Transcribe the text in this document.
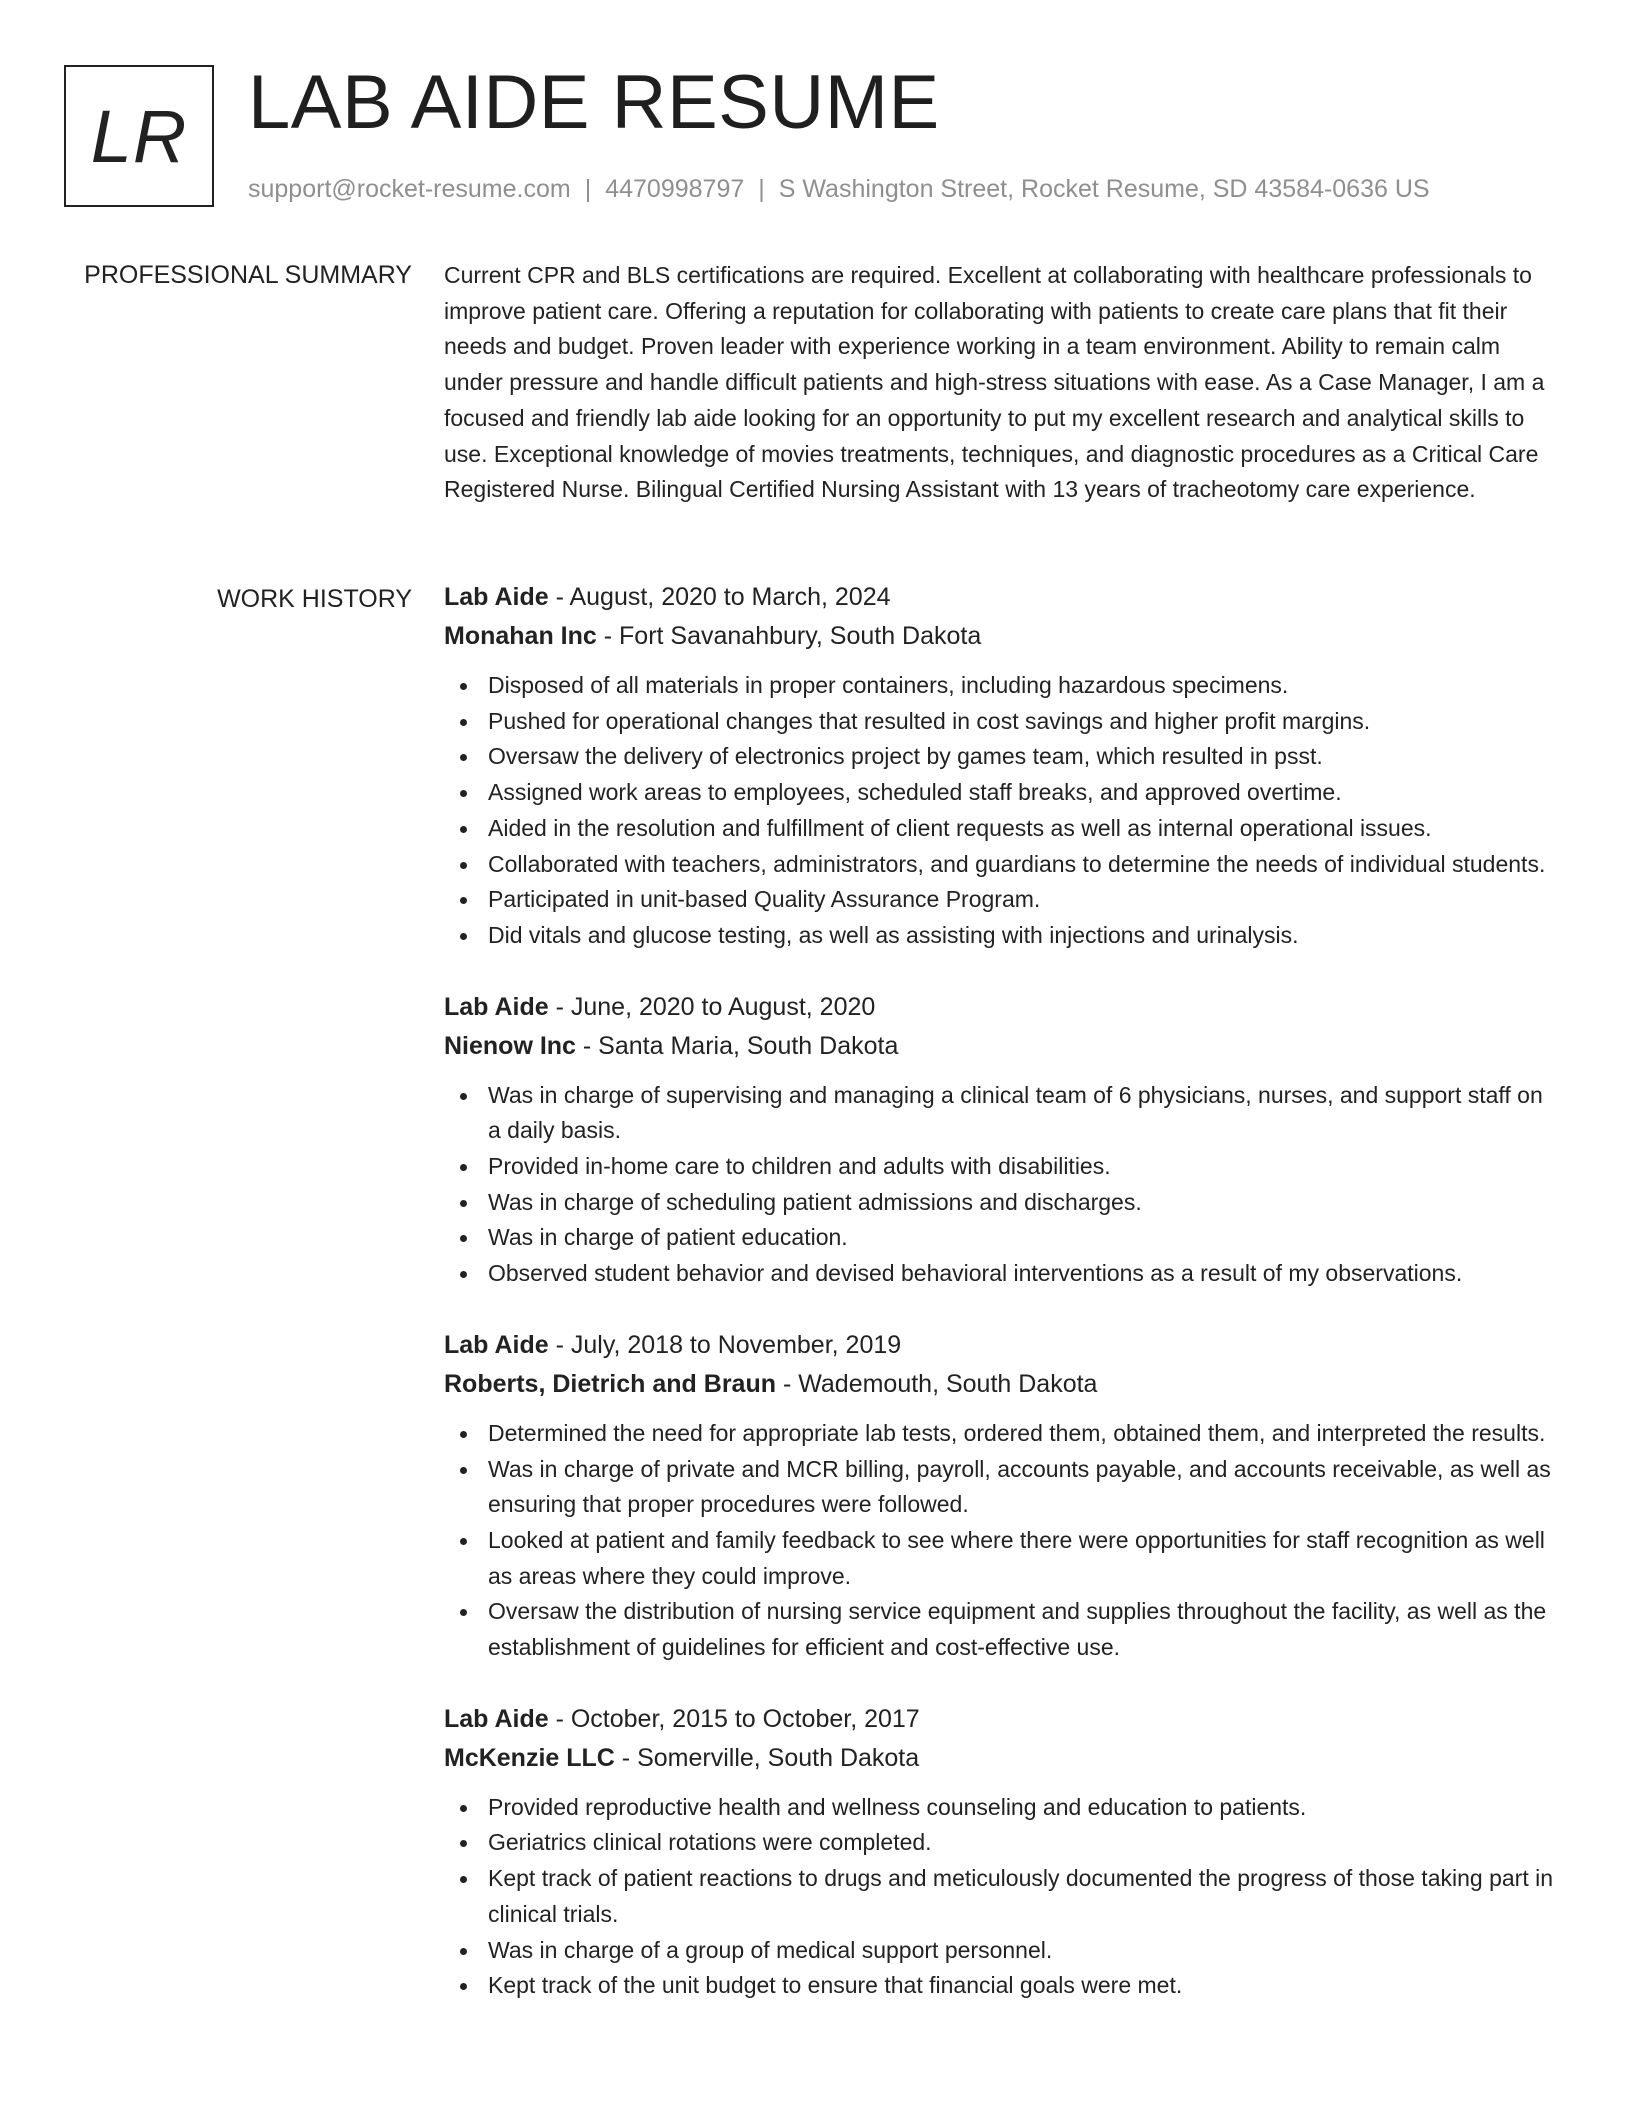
LR LAB AIDE RESUME
support@rocket-resume.com | 4470998797 | S Washington Street, Rocket Resume, SD 43584-0636 US
PROFESSIONAL SUMMARY Current CPR and BLS certifications are required. Excellent at collaborating with healthcare professionals to improve patient care. Offering a reputation for collaborating with patients to create care plans that fit their needs and budget. Proven leader with experience working in a team environment. Ability to remain calm under pressure and handle difficult patients and high-stress situations with ease. As a Case Manager, I am a focused and friendly lab aide looking for an opportunity to put my excellent research and analytical skills to use. Exceptional knowledge of movies treatments, techniques, and diagnostic procedures as a Critical Care Registered Nurse. Bilingual Certified Nursing Assistant with 13 years of tracheotomy care experience.

WORK HISTORY Lab Aide - August, 2020 to March, 2024
Monahan Inc - Fort Savanahbury, South Dakota
Disposed of all materials in proper containers, including hazardous specimens.
Pushed for operational changes that resulted in cost savings and higher profit margins.
Oversaw the delivery of electronics project by games team, which resulted in psst.
Assigned work areas to employees, scheduled staff breaks, and approved overtime.
Aided in the resolution and fulfillment of client requests as well as internal operational issues.
Collaborated with teachers, administrators, and guardians to determine the needs of individual students.
Participated in unit-based Quality Assurance Program.
Did vitals and glucose testing, as well as assisting with injections and urinalysis.
Lab Aide - June, 2020 to August, 2020
Nienow Inc - Santa Maria, South Dakota
Was in charge of supervising and managing a clinical team of 6 physicians, nurses, and support staff on a daily basis.
Provided in-home care to children and adults with disabilities.
Was in charge of scheduling patient admissions and discharges.
Was in charge of patient education.
Observed student behavior and devised behavioral interventions as a result of my observations.
Lab Aide - July, 2018 to November, 2019
Roberts, Dietrich and Braun - Wademouth, South Dakota
Determined the need for appropriate lab tests, ordered them, obtained them, and interpreted the results.
Was in charge of private and MCR billing, payroll, accounts payable, and accounts receivable, as well as ensuring that proper procedures were followed.
Looked at patient and family feedback to see where there were opportunities for staff recognition as well as areas where they could improve.
Oversaw the distribution of nursing service equipment and supplies throughout the facility, as well as the establishment of guidelines for efficient and cost-effective use.
Lab Aide - October, 2015 to October, 2017
McKenzie LLC - Somerville, South Dakota
Provided reproductive health and wellness counseling and education to patients.
Geriatrics clinical rotations were completed.
Kept track of patient reactions to drugs and meticulously documented the progress of those taking part in clinical trials.
Was in charge of a group of medical support personnel.
Kept track of the unit budget to ensure that financial goals were met.
